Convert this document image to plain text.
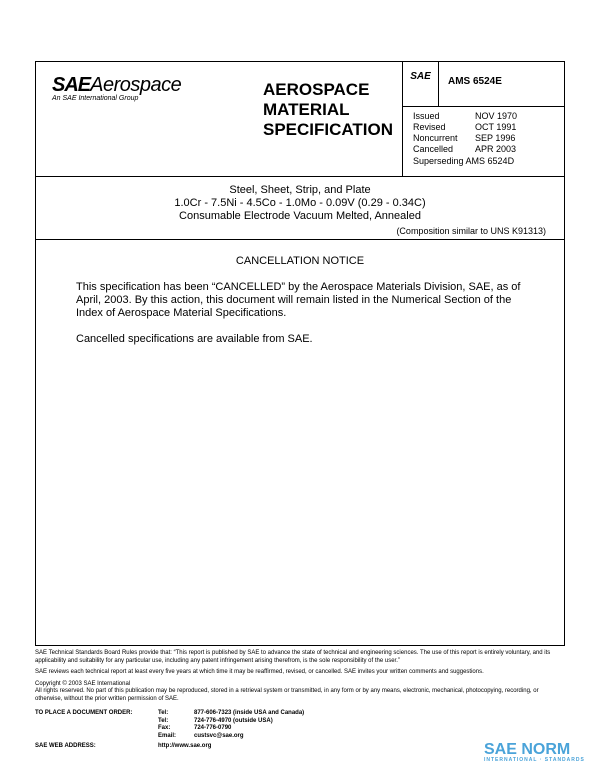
SAEAerospace
An SAE International Group	AEROSPACE
MATERIAL
SPECIFICATION
SAE	AMS 6524E
Issued	NOV 1970
Revised	OCT 1991
Noncurrent SEP 1996
Cancelled APR 2003
Superseding AMS 6524D
Steel, Sheet, Strip, and Plate
1.0Cr - 7.5Ni - 4.5Co - 1.0Mo - 0.09V (0.29 - 0.34C)
Consumable Electrode Vacuum Melted, Annealed
(Composition similar to UNS K91313)
CANCELLATION NOTICE

This specification has been “CANCELLED” by the Aerospace Materials Division, SAE, as of April, 2003. By this action, this document will remain listed in the Numerical Section of the Index of Aerospace Material Specifications.

Cancelled specifications are available from SAE.

SAE Technical Standards Board Rules provide that: “This report is published by SAE to advance the state of technical and engineering sciences. The use of this report is entirely voluntary, and its applicability and suitability for any particular use, including any patent infringement arising therefrom, is the sole responsibility of the user.”

SAE reviews each technical report at least every five years at which time it may be reaffirmed, revised, or cancelled. SAE invites your written comments and suggestions.

Copyright © 2003 SAE International
All rights reserved. No part of this publication may be reproduced, stored in a retrieval system or transmitted, in any form or by any means, electronic, mechanical, photocopying, recording, or otherwise, without the prior written permission of SAE.
TO PLACE A DOCUMENT ORDER:	Tel:	877-606-7323 (inside USA and Canada)
Tel:	724-776-4970 (outside USA)
Fax:	724-776-0790
Email:	custsvc@sae.org
SAE WEB ADDRESS:	http://www.sae.org	SAE NORM
INTERNATIONAL · STANDARDS
